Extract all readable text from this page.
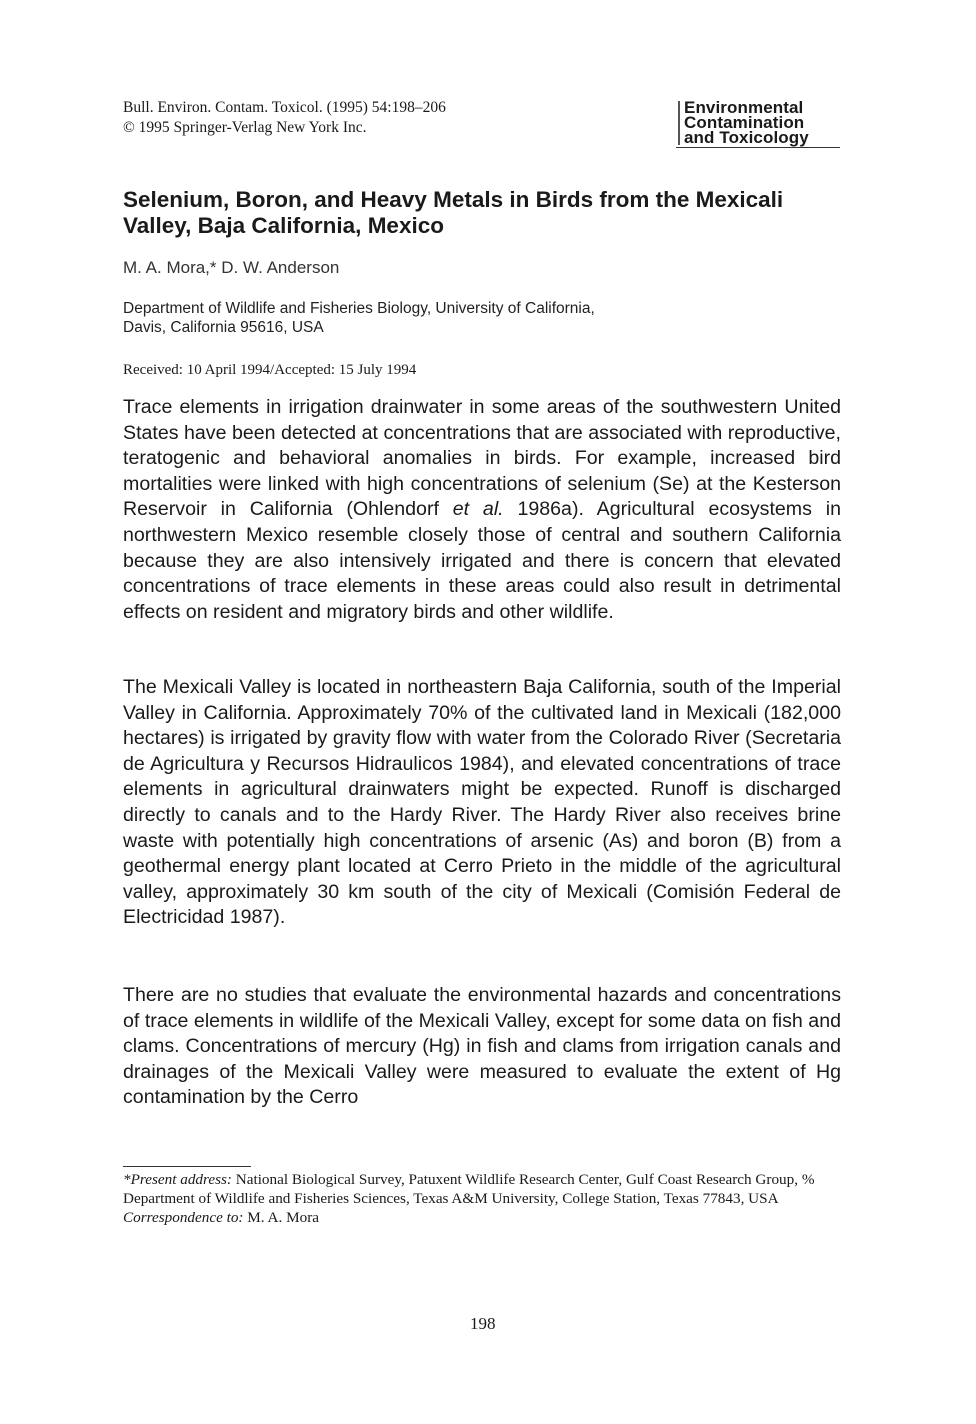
Bull. Environ. Contam. Toxicol. (1995) 54:198–206
© 1995 Springer-Verlag New York Inc.
Environmental
Contamination
and Toxicology
Selenium, Boron, and Heavy Metals in Birds from the Mexicali Valley, Baja California, Mexico
M. A. Mora,* D. W. Anderson
Department of Wildlife and Fisheries Biology, University of California,
Davis, California 95616, USA
Received: 10 April 1994/Accepted: 15 July 1994

Trace elements in irrigation drainwater in some areas of the southwestern United States have been detected at concentrations that are associated with reproductive, teratogenic and behavioral anomalies in birds. For example, increased bird mortalities were linked with high concentrations of selenium (Se) at the Kesterson Reservoir in California (Ohlendorf et al. 1986a). Agricultural ecosystems in northwestern Mexico resemble closely those of central and southern California because they are also intensively irrigated and there is concern that elevated concentrations of trace elements in these areas could also result in detrimental effects on resident and migratory birds and other wildlife.

The Mexicali Valley is located in northeastern Baja California, south of the Imperial Valley in California. Approximately 70% of the cultivated land in Mexicali (182,000 hectares) is irrigated by gravity flow with water from the Colorado River (Secretaria de Agricultura y Recursos Hidraulicos 1984), and elevated concentrations of trace elements in agricultural drainwaters might be expected. Runoff is discharged directly to canals and to the Hardy River. The Hardy River also receives brine waste with potentially high concentrations of arsenic (As) and boron (B) from a geothermal energy plant located at Cerro Prieto in the middle of the agricultural valley, approximately 30 km south of the city of Mexicali (Comisión Federal de Electricidad 1987).

There are no studies that evaluate the environmental hazards and concentrations of trace elements in wildlife of the Mexicali Valley, except for some data on fish and clams. Concentrations of mercury (Hg) in fish and clams from irrigation canals and drainages of the Mexicali Valley were measured to evaluate the extent of Hg contamination by the Cerro

*Present address: National Biological Survey, Patuxent Wildlife Research Center, Gulf Coast Research Group, % Department of Wildlife and Fisheries Sciences, Texas A&M University, College Station, Texas 77843, USA
Correspondence to: M. A. Mora

198
